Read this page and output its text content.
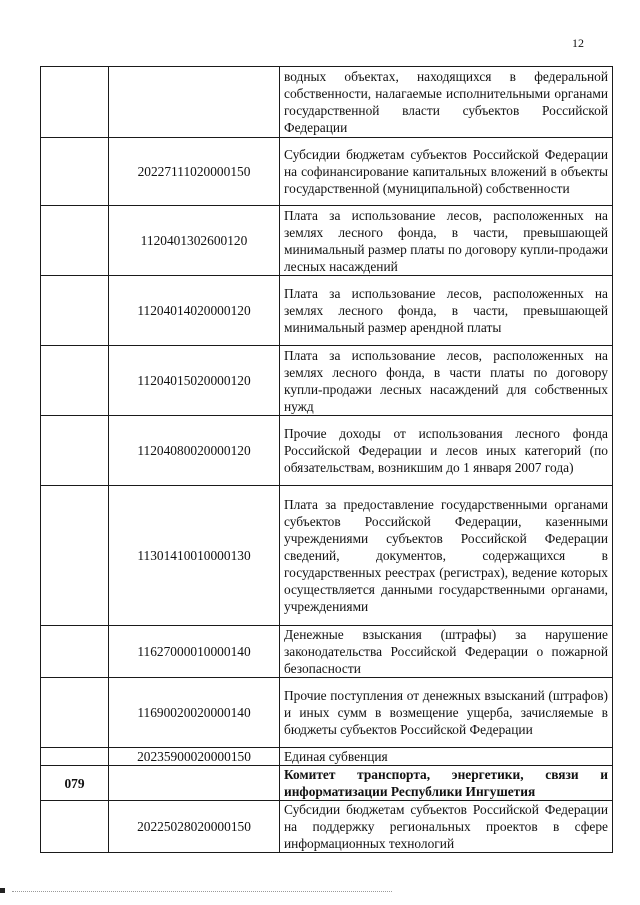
12
		водных объектах, находящихся в федеральной собственности, налагаемые исполнительными органами государственной власти субъектов Российской Федерации
	20227111020000150	Субсидии бюджетам субъектов Российской Федерации на софинансирование капитальных вложений в объекты государственной (муниципальной) собственности
	1120401302600120	Плата за использование лесов, расположенных на землях лесного фонда, в части, превышающей минимальный размер платы по договору купли-продажи лесных насаждений
	11204014020000120	Плата за использование лесов, расположенных на землях лесного фонда, в части, превышающей минимальный размер арендной платы
	11204015020000120	Плата за использование лесов, расположенных на землях лесного фонда, в части платы по договору купли-продажи лесных насаждений для собственных нужд
	11204080020000120	Прочие доходы от использования лесного фонда Российской Федерации и лесов иных категорий (по обязательствам, возникшим до 1 января 2007 года)
	11301410010000130	Плата за предоставление государственными органами субъектов Российской Федерации, казенными учреждениями субъектов Российской Федерации сведений, документов, содержащихся в государственных реестрах (регистрах), ведение которых осуществляется данными государственными органами, учреждениями
	11627000010000140	Денежные взыскания (штрафы) за нарушение законодательства Российской Федерации о пожарной безопасности
	11690020020000140	Прочие поступления от денежных взысканий (штрафов) и иных сумм в возмещение ущерба, зачисляемые в бюджеты субъектов Российской Федерации
	20235900020000150	Единая субвенция
079		Комитет транспорта, энергетики, связи и информатизации Республики Ингушетия
	20225028020000150	Субсидии бюджетам субъектов Российской Федерации на поддержку региональных проектов в сфере информационных технологий
